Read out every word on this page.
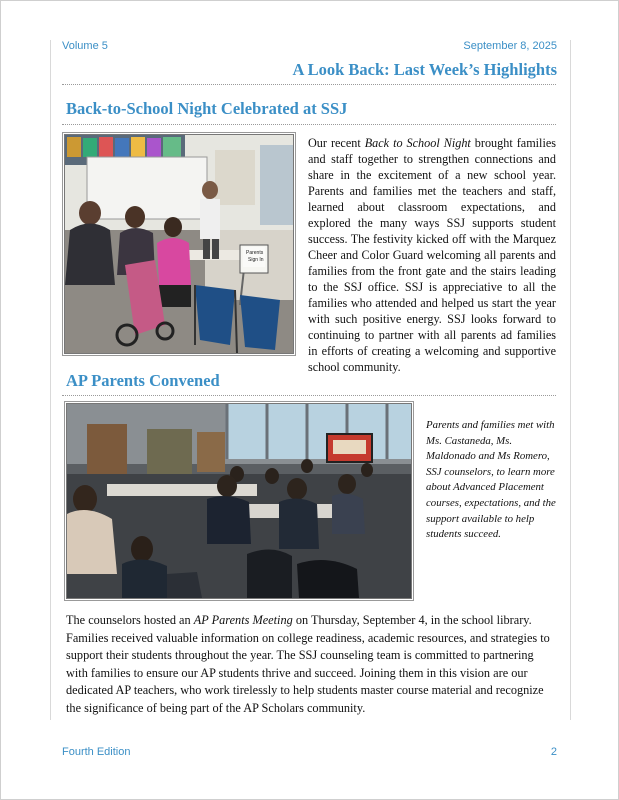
Volume 5	September 8, 2025
A Look Back: Last Week’s Highlights
Back-to-School Night Celebrated at SSJ
Parents
Sign In
Our recent Back to School Night brought families and staff together to strengthen connections and share in the excitement of a new school year. Parents and families met the teachers and staff, learned about classroom expectations, and explored the many ways SSJ supports student success. The festivity kicked off with the Marquez Cheer and Color Guard welcoming all parents and families from the front gate and the stairs leading to the SSJ office. SSJ is appreciative to all the families who attended and helped us start the year with such positive energy. SSJ looks forward to continuing to partner with all parents ad families in efforts of creating a welcoming and supportive school community.
AP Parents Convened
Parents and families met with Ms. Castaneda, Ms. Maldonado and Ms Romero, SSJ counselors, to learn more about Advanced Placement courses, expectations, and the support available to help students succeed.
The counselors hosted an AP Parents Meeting on Thursday, September 4, in the school library. Families received valuable information on college readiness, academic resources, and strategies to support their students throughout the year. The SSJ counseling team is committed to partnering with families to ensure our AP students thrive and succeed. Joining them in this vision are our dedicated AP teachers, who work tirelessly to help students master course material and recognize the significance of being part of the AP Scholars community.
Fourth Edition	2
